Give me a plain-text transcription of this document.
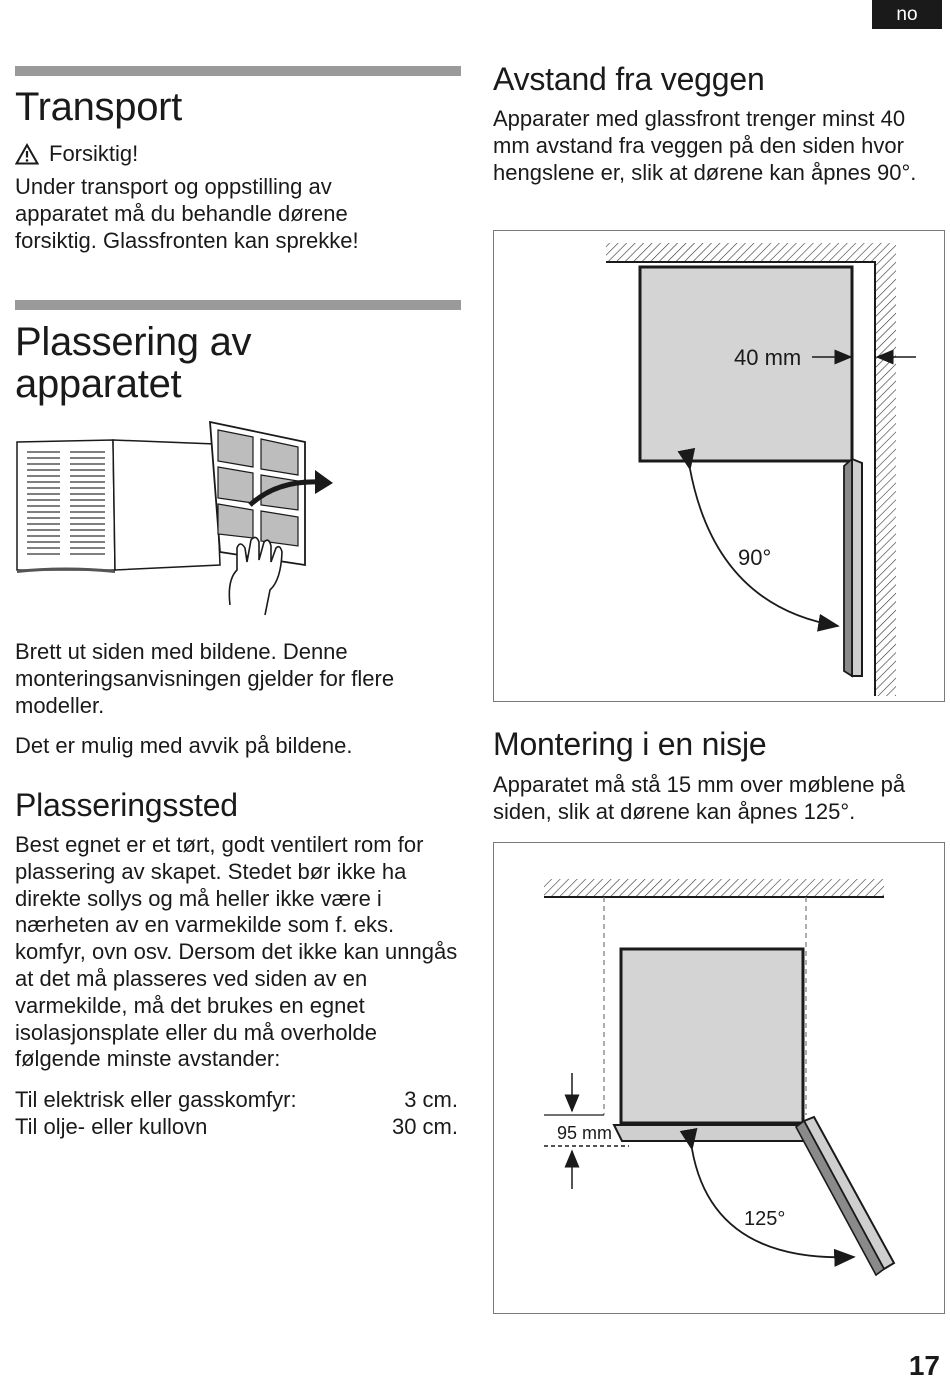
no
Transport
Forsiktig!

Under transport og oppstilling av apparatet må du behandle dørene forsiktig. Glassfronten kan sprekke!

Plassering av apparatet

Brett ut siden med bildene. Denne monteringsanvisningen gjelder for flere modeller.

Det er mulig med avvik på bildene.

Plasseringssted

Best egnet er et tørt, godt ventilert rom for plassering av skapet. Stedet bør ikke ha direkte sollys og må heller ikke være i nærheten av en varmekilde som f. eks. komfyr, ovn osv. Dersom det ikke kan unngås at det må plasseres ved siden av en varmekilde, må det brukes en egnet isolasjonsplate eller du må overholde følgende minste avstander:

Til elektrisk eller gasskomfyr:	3 cm.
Til olje- eller kullovn	30 cm.
Avstand fra veggen

Apparater med glassfront trenger minst 40 mm avstand fra veggen på den siden hvor hengslene er, slik at dørene kan åpnes 90°.

40 mm
90°
Montering i en nisje

Apparatet må stå 15 mm over møblene på siden, slik at dørene kan åpnes 125°.

95 mm
125°
17
